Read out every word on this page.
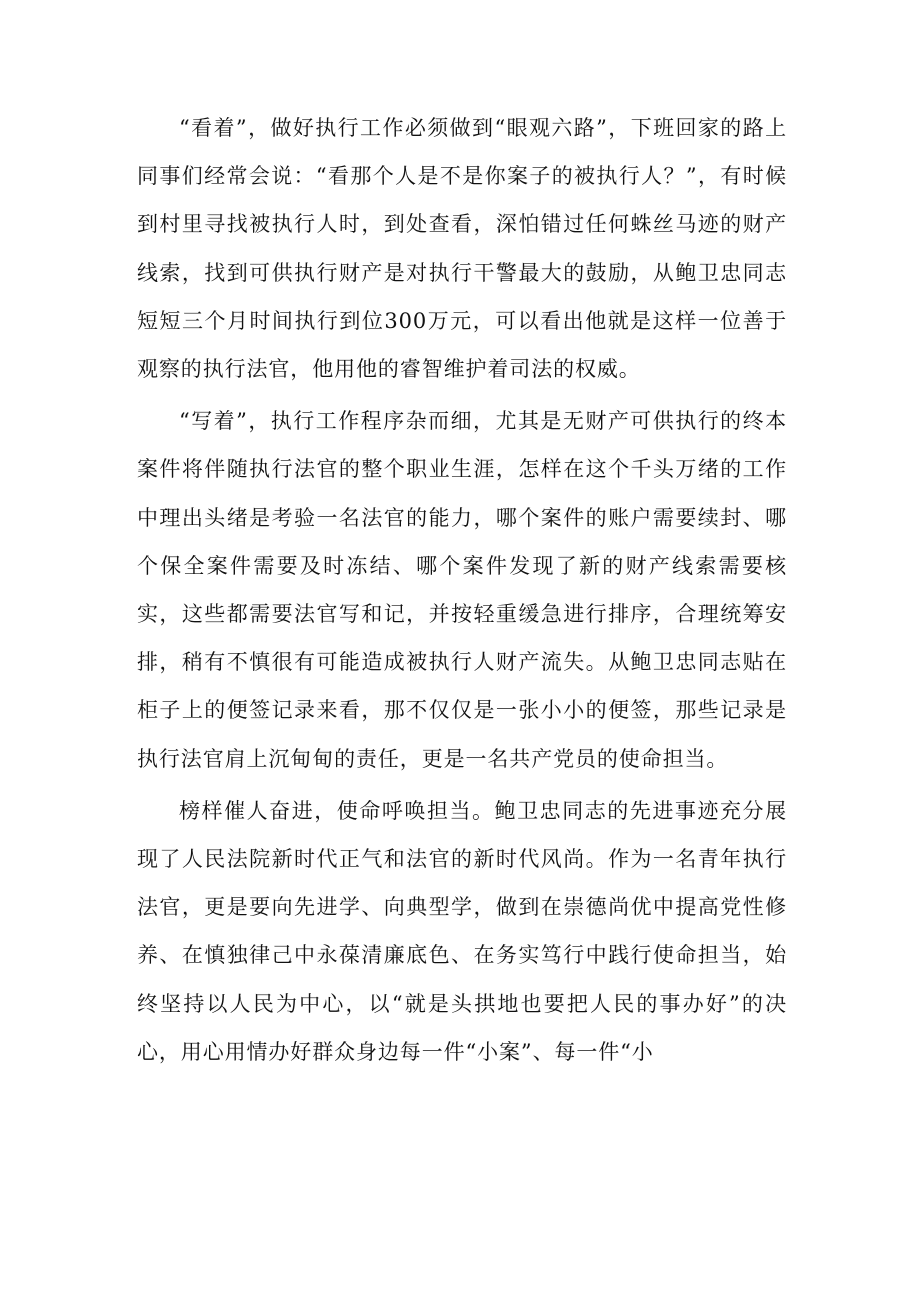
“看着”，做好执行工作必须做到“眼观六路”，下班回家的路上同事们经常会说：“看那个人是不是你案子的被执行人？”，有时候到村里寻找被执行人时，到处查看，深怕错过任何蛛丝马迹的财产线索，找到可供执行财产是对执行干警最大的鼓励，从鲍卫忠同志短短三个月时间执行到位300万元，可以看出他就是这样一位善于观察的执行法官，他用他的睿智维护着司法的权威。

“写着”，执行工作程序杂而细，尤其是无财产可供执行的终本案件将伴随执行法官的整个职业生涯，怎样在这个千头万绪的工作中理出头绪是考验一名法官的能力，哪个案件的账户需要续封、哪个保全案件需要及时冻结、哪个案件发现了新的财产线索需要核实，这些都需要法官写和记，并按轻重缓急进行排序，合理统筹安排，稍有不慎很有可能造成被执行人财产流失。从鲍卫忠同志贴在柜子上的便签记录来看，那不仅仅是一张小小的便签，那些记录是执行法官肩上沉甸甸的责任，更是一名共产党员的使命担当。

榜样催人奋进，使命呼唤担当。鲍卫忠同志的先进事迹充分展现了人民法院新时代正气和法官的新时代风尚。作为一名青年执行法官，更是要向先进学、向典型学，做到在崇德尚优中提高党性修养、在慎独律己中永葆清廉底色、在务实笃行中践行使命担当，始终坚持以人民为中心，以“就是头拱地也要把人民的事办好”的决心，用心用情办好群众身边每一件“小案”、每一件“小
